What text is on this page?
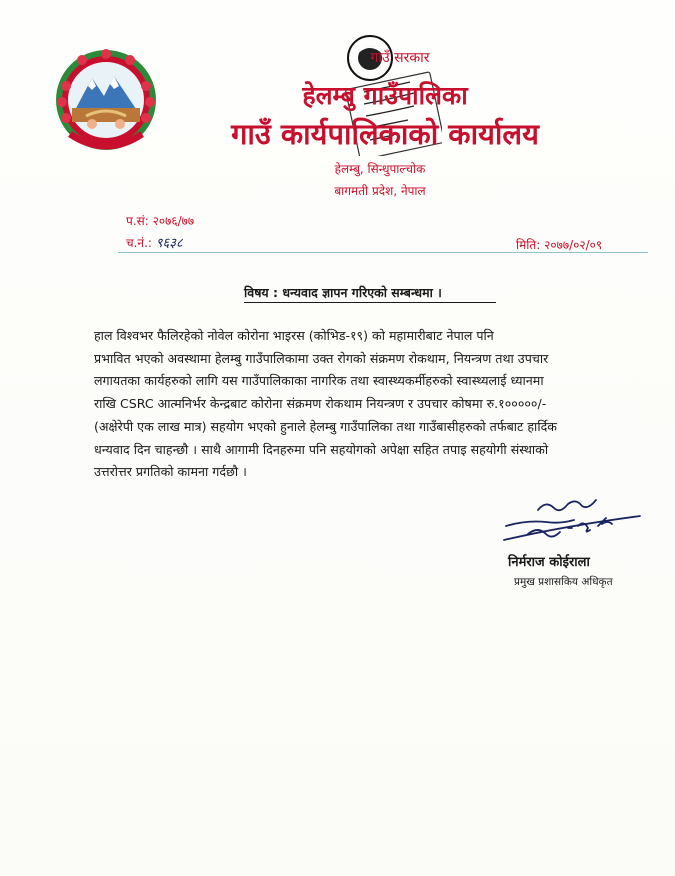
गाउँ सरकार
हेलम्बु गाउँपालिका
गाउँ कार्यपालिकाको कार्यालय
हेलम्बु, सिन्धुपाल्चोक
बागमती प्रदेश, नेपाल
प.सं: २०७६/७७
च.नं.: ९६३८	मिति: २०७७/०२/०९
विषय : धन्यवाद ज्ञापन गरिएको सम्बन्धमा ।
हाल विश्वभर फैलिरहेको नोवेल कोरोना भाइरस (कोभिड-१९) को महामारीबाट नेपाल पनि
प्रभावित भएको अवस्थामा हेलम्बु गाउँपालिकामा उक्त रोगको संक्रमण रोकथाम, नियन्त्रण तथा उपचार
लगायतका कार्यहरुको लागि यस गाउँपालिकाका नागरिक तथा स्वास्थ्यकर्मीहरुको स्वास्थ्यलाई ध्यानमा
राखि CSRC आत्मनिर्भर केन्द्रबाट कोरोना संक्रमण रोकथाम नियन्त्रण र उपचार कोषमा रु.१०००००/-
(अक्षेरेपी एक लाख मात्र) सहयोग भएको हुनाले हेलम्बु गाउँपालिका तथा गाउँबासीहरुको तर्फबाट हार्दिक
धन्यवाद दिन चाहन्छौ । साथै आगामी दिनहरुमा पनि सहयोगको अपेक्षा सहित तपाइ सहयोगी संस्थाको
उत्तरोत्तर प्रगतिको कामना गर्दछौ ।
निर्मराज कोईराला
प्रमुख प्रशासकिय अधिकृत
